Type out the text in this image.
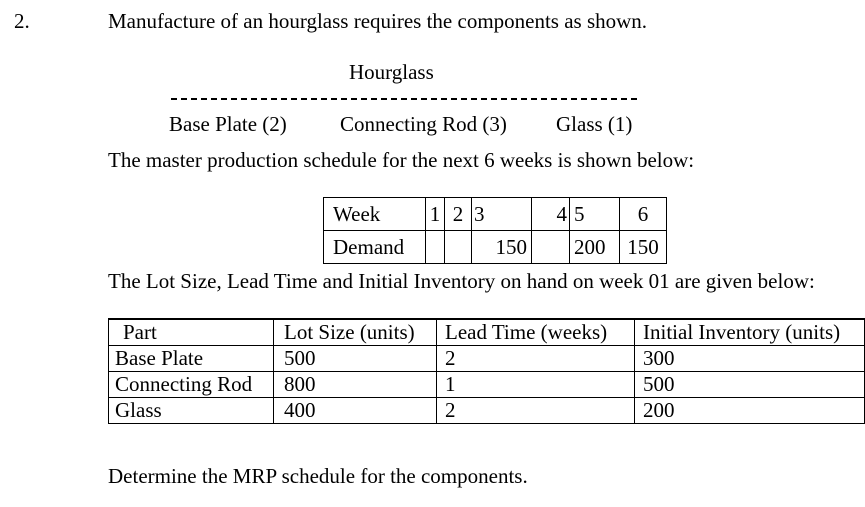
2.	Manufacture of an hourglass requires the components as shown.
Hourglass
Base Plate (2)	Connecting Rod (3) Glass (1)
The master production schedule for the next 6 weeks is shown below:
Week	1	2	3	4	5	6
Demand			150		200	150
The Lot Size, Lead Time and Initial Inventory on hand on week 01 are given below:
Part	Lot Size (units)	Lead Time (weeks)	Initial Inventory (units)
Base Plate	500	2	300
Connecting Rod	800	1	500
Glass	400	2	200
Determine the MRP schedule for the components.
